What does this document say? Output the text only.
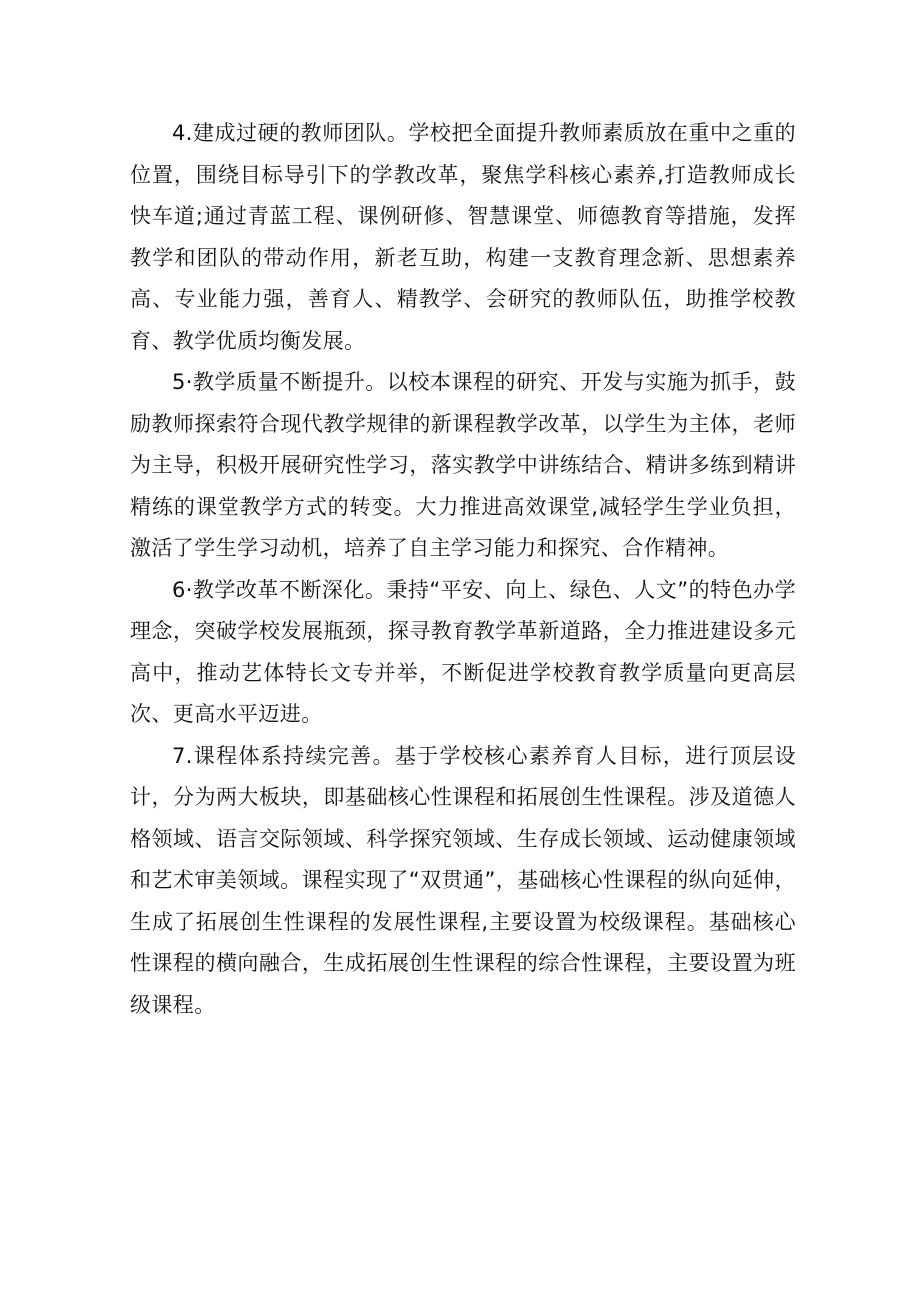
4.建成过硬的教师团队。学校把全面提升教师素质放在重中之重的位置，围绕目标导引下的学教改革，聚焦学科核心素养,打造教师成长快车道;通过青蓝工程、课例研修、智慧课堂、师德教育等措施，发挥教学和团队的带动作用，新老互助，构建一支教育理念新、思想素养高、专业能力强，善育人、精教学、会研究的教师队伍，助推学校教育、教学优质均衡发展。

5·教学质量不断提升。以校本课程的研究、开发与实施为抓手，鼓励教师探索符合现代教学规律的新课程教学改革，以学生为主体，老师为主导，积极开展研究性学习，落实教学中讲练结合、精讲多练到精讲精练的课堂教学方式的转变。大力推进高效课堂,减轻学生学业负担，激活了学生学习动机，培养了自主学习能力和探究、合作精神。

6·教学改革不断深化。秉持“平安、向上、绿色、人文”的特色办学理念，突破学校发展瓶颈，探寻教育教学革新道路，全力推进建设多元高中，推动艺体特长文专并举，不断促进学校教育教学质量向更高层次、更高水平迈进。

7.课程体系持续完善。基于学校核心素养育人目标，进行顶层设计，分为两大板块，即基础核心性课程和拓展创生性课程。涉及道德人格领域、语言交际领域、科学探究领域、生存成长领域、运动健康领域和艺术审美领域。课程实现了“双贯通”，基础核心性课程的纵向延伸，生成了拓展创生性课程的发展性课程,主要设置为校级课程。基础核心性课程的横向融合，生成拓展创生性课程的综合性课程，主要设置为班级课程。
